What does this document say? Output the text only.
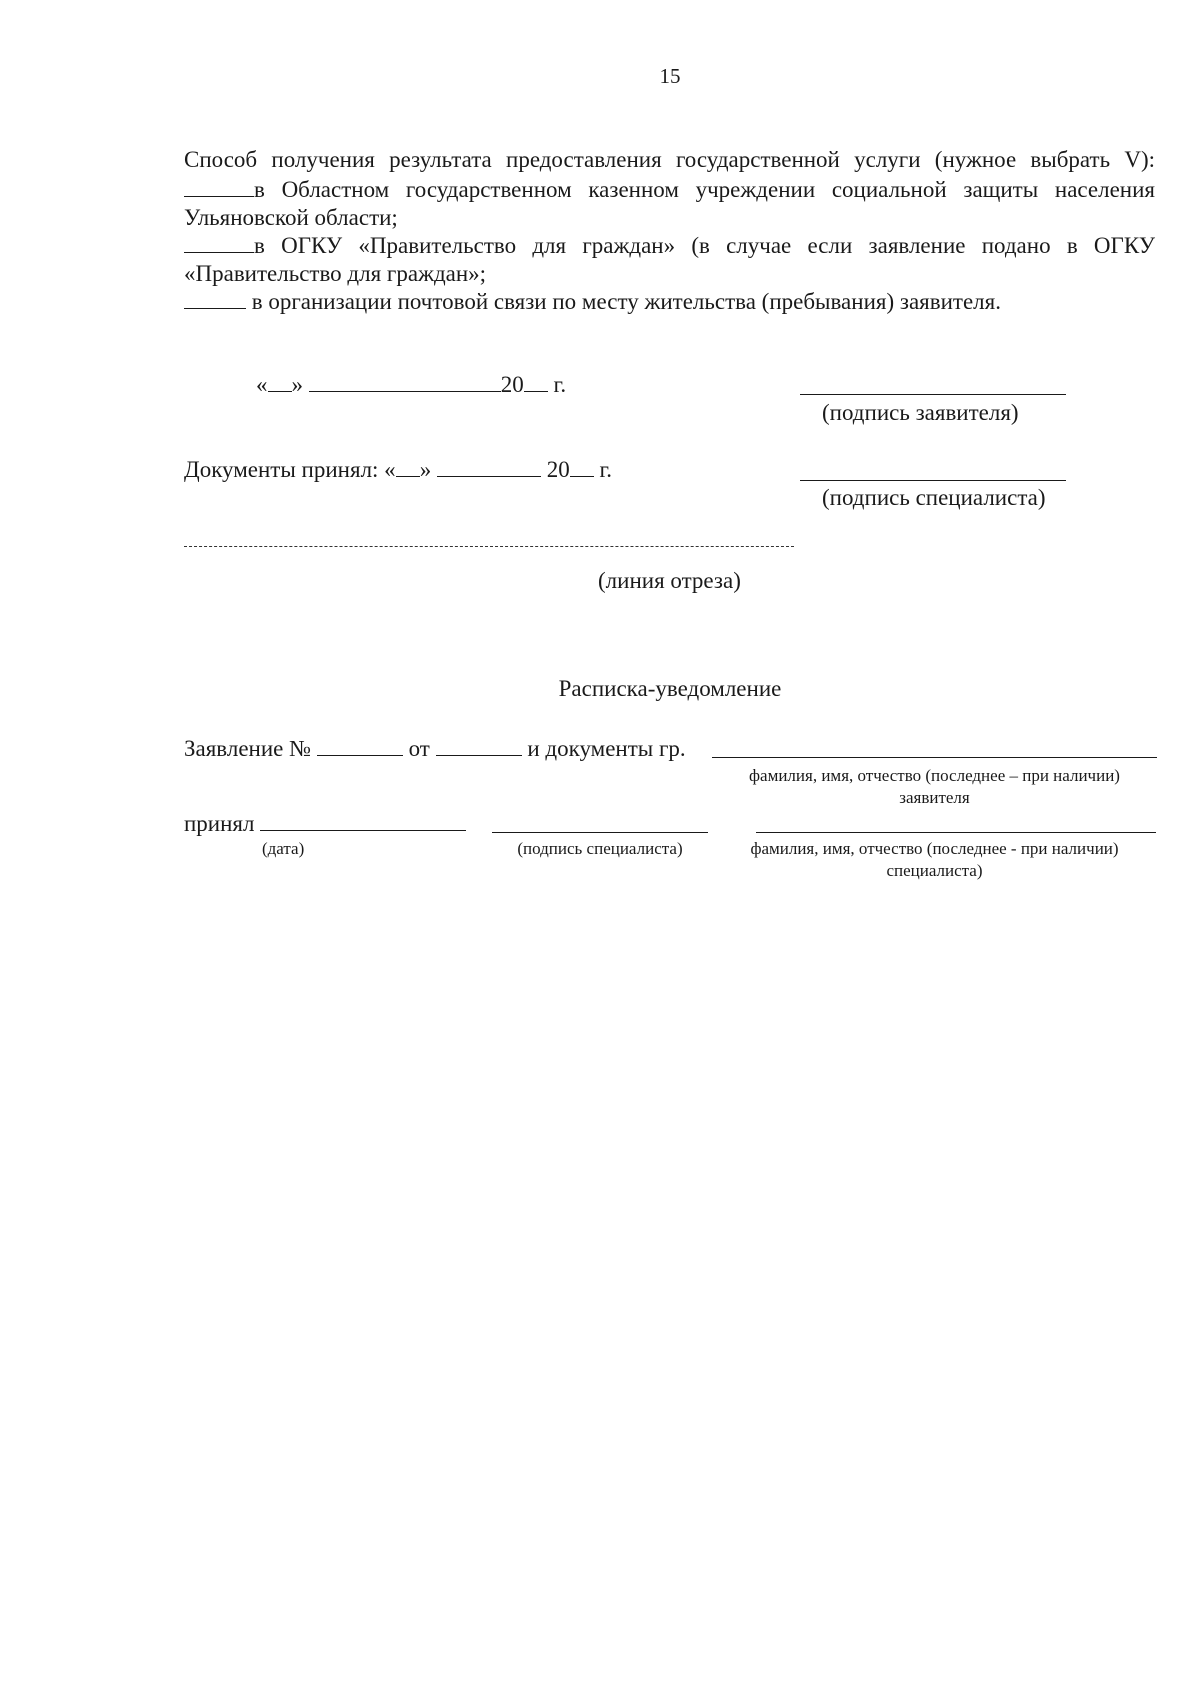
15
Способ получения результата предоставления государственной услуги (нужное выбрать V):
в Областном государственном казенном учреждении социальной защиты населения
Ульяновской области;
в ОГКУ «Правительство для граждан» (в случае если заявление подано в ОГКУ
«Правительство для граждан»;
в организации почтовой связи по месту жительства (пребывания) заявителя.
« »	20 г.
(подпись заявителя)
Документы принял: « »	20 г.
(подпись специалиста)
(линия отреза)
Расписка-уведомление
Заявление №	от	и документы гр.
фамилия, имя, отчество (последнее – при наличии)
заявителя
принял
(дата)	(подпись специалиста)	фамилия, имя, отчество (последнее - при наличии)
специалиста)
